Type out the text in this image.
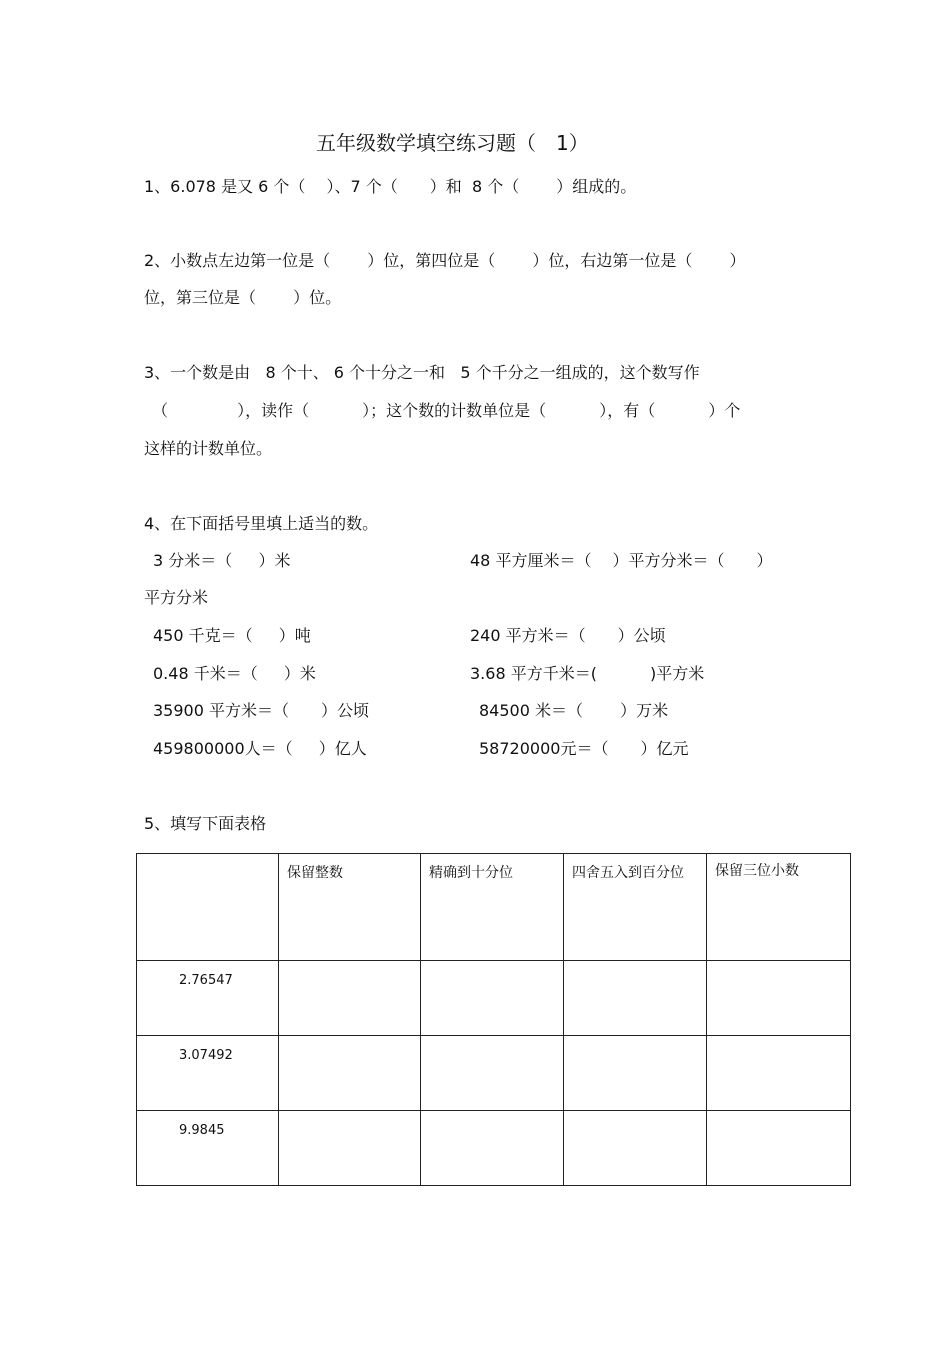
五年级数学填空练习题（　1）
1、6.078 是又 6 个（　 ）、7 个（　　）和  8 个（　　 ）组成的。
2、小数点左边第一位是（　　 ）位，第四位是（　　 ）位，右边第一位是（　　 ）
位，第三位是（　　 ）位。
3、一个数是由   8 个十、 6 个十分之一和   5 个千分之一组成的，这个数写作
（　　　　 ），读作（　　　 ）；这个数的计数单位是（　　　 ），有（　　　 ）个
这样的计数单位。
4、在下面括号里填上适当的数。
3 分米＝（　  ）米	48 平方厘米＝（　 ）平方分米＝（　　）
平方分米
450 千克＝（　  ）吨	240 平方米＝（　　）公顷
0.48 千米＝（　  ）米	3.68 平方千米＝(　　　 )平方米
35900 平方米＝（　　）公顷	84500 米＝（　　 ）万米
459800000人＝（　  ）亿人	58720000元＝（　　）亿元
5、填写下面表格

	保留整数	精确到十分位	四舍五入到百分位	保留三位小数

2.76547				
3.07492				
9.9845				
